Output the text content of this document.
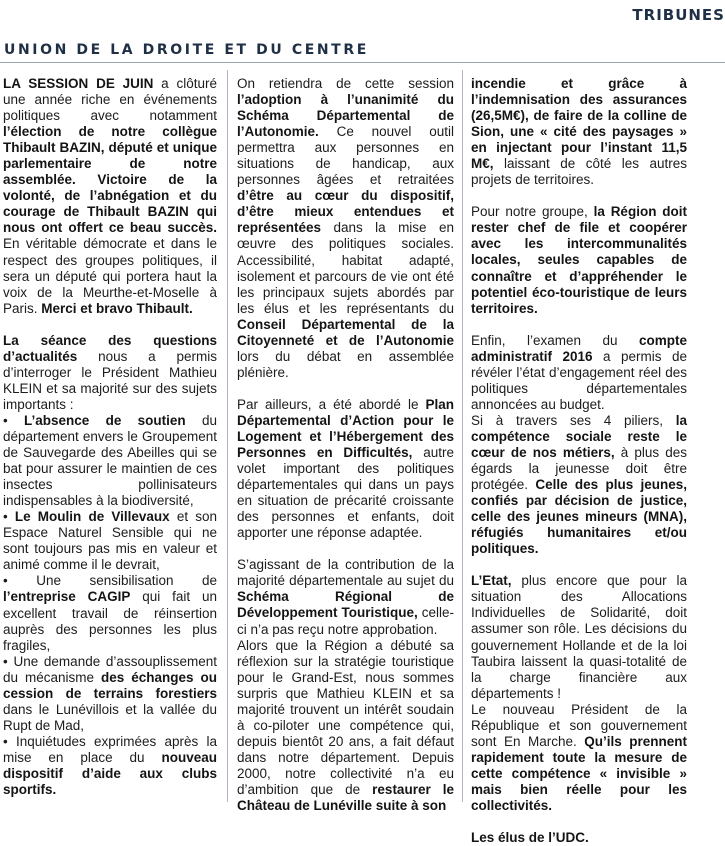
TRIBUNES
UNION DE LA DROITE ET DU CENTRE

LA SESSION DE JUIN a clôturé une année riche en événements politiques avec notamment l’élection de notre collègue Thibault BAZIN, député et unique parlementaire de notre assemblée. Victoire de la volonté, de l’abnégation et du courage de Thibault BAZIN qui nous ont offert ce beau succès. En véritable démocrate et dans le respect des groupes politiques, il sera un député qui portera haut la voix de la Meurthe-et-Moselle à Paris. Merci et bravo Thibault.

La séance des questions d’actualités nous a permis d’interroger le Président Mathieu KLEIN et sa majorité sur des sujets importants :

• L’absence de soutien du département envers le Groupement de Sauvegarde des Abeilles qui se bat pour assurer le maintien de ces insectes pollinisateurs indispensables à la biodiversité,

• Le Moulin de Villevaux et son Espace Naturel Sensible qui ne sont toujours pas mis en valeur et animé comme il le devrait,

• Une sensibilisation de l’entreprise CAGIP qui fait un excellent travail de réinsertion auprès des personnes les plus fragiles,

• Une demande d’assouplissement du mécanisme des échanges ou cession de terrains forestiers dans le Lunévillois et la vallée du Rupt de Mad,

• Inquiétudes exprimées après la mise en place du nouveau dispositif d’aide aux clubs sportifs.

On retiendra de cette session l’adoption à l’unanimité du Schéma Départemental de l’Autonomie. Ce nouvel outil permettra aux personnes en situations de handicap, aux personnes âgées et retraitées d’être au cœur du dispositif, d’être mieux entendues et représentées dans la mise en œuvre des politiques sociales. Accessibilité, habitat adapté, isolement et parcours de vie ont été les principaux sujets abordés par les élus et les représentants du Conseil Départemental de la Citoyenneté et de l’Autonomie lors du débat en assemblée plénière.

Par ailleurs, a été abordé le Plan Départemental d’Action pour le Logement et l’Hébergement des Personnes en Difficultés, autre volet important des politiques départementales qui dans un pays en situation de précarité croissante des personnes et enfants, doit apporter une réponse adaptée.

S’agissant de la contribution de la majorité départementale au sujet du Schéma Régional de Développement Touristique, celle-ci n’a pas reçu notre approbation.

Alors que la Région a débuté sa réflexion sur la stratégie touristique pour le Grand-Est, nous sommes surpris que Mathieu KLEIN et sa majorité trouvent un intérêt soudain à co-piloter une compétence qui, depuis bientôt 20 ans, a fait défaut dans notre département. Depuis 2000, notre collectivité n’a eu d’ambition que de restaurer le Château de Lunéville suite à son

incendie et grâce à l’indemnisation des assurances (26,5M€), de faire de la colline de Sion, une « cité des paysages » en injectant pour l’instant 11,5 M€, laissant de côté les autres projets de territoires.

Pour notre groupe, la Région doit rester chef de file et coopérer avec les intercommunalités locales, seules capables de connaître et d’appréhender le potentiel éco-touristique de leurs territoires.

Enfin, l’examen du compte administratif 2016 a permis de révéler l’état d’engagement réel des politiques départementales annoncées au budget.

Si à travers ses 4 piliers, la compétence sociale reste le cœur de nos métiers, à plus des égards la jeunesse doit être protégée. Celle des plus jeunes, confiés par décision de justice, celle des jeunes mineurs (MNA), réfugiés humanitaires et/ou politiques.

L’Etat, plus encore que pour la situation des Allocations Individuelles de Solidarité, doit assumer son rôle. Les décisions du gouvernement Hollande et de la loi Taubira laissent la quasi-totalité de la charge financière aux départements !

Le nouveau Président de la République et son gouvernement sont En Marche. Qu’ils prennent rapidement toute la mesure de cette compétence « invisible » mais bien réelle pour les collectivités.

Les élus de l’UDC.
